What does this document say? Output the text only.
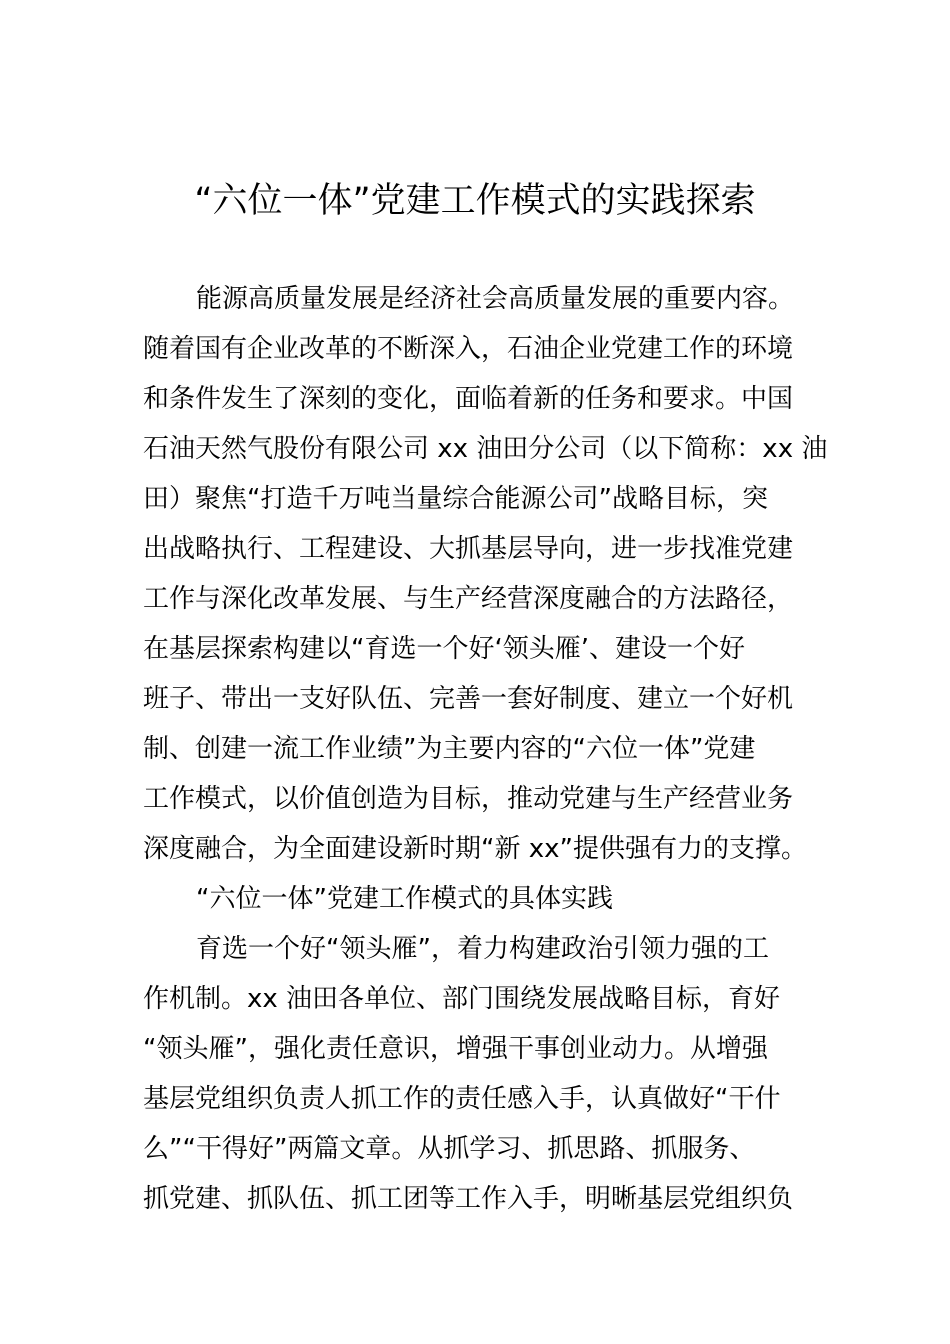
“六位一体”党建工作模式的实践探索

能源高质量发展是经济社会高质量发展的重要内容。

随着国有企业改革的不断深入，石油企业党建工作的环境

和条件发生了深刻的变化，面临着新的任务和要求。中国

石油天然气股份有限公司 xx 油田分公司（以下简称：xx 油

田）聚焦“打造千万吨当量综合能源公司”战略目标，突

出战略执行、工程建设、大抓基层导向，进一步找准党建

工作与深化改革发展、与生产经营深度融合的方法路径，

在基层探索构建以“育选一个好‘领头雁’、建设一个好

班子、带出一支好队伍、完善一套好制度、建立一个好机

制、创建一流工作业绩”为主要内容的“六位一体”党建

工作模式，以价值创造为目标，推动党建与生产经营业务

深度融合，为全面建设新时期“新 xx”提供强有力的支撑。

“六位一体”党建工作模式的具体实践

育选一个好“领头雁”，着力构建政治引领力强的工

作机制。xx 油田各单位、部门围绕发展战略目标，育好

“领头雁”，强化责任意识，增强干事创业动力。从增强

基层党组织负责人抓工作的责任感入手，认真做好“干什

么”“干得好”两篇文章。从抓学习、抓思路、抓服务、

抓党建、抓队伍、抓工团等工作入手，明晰基层党组织负
